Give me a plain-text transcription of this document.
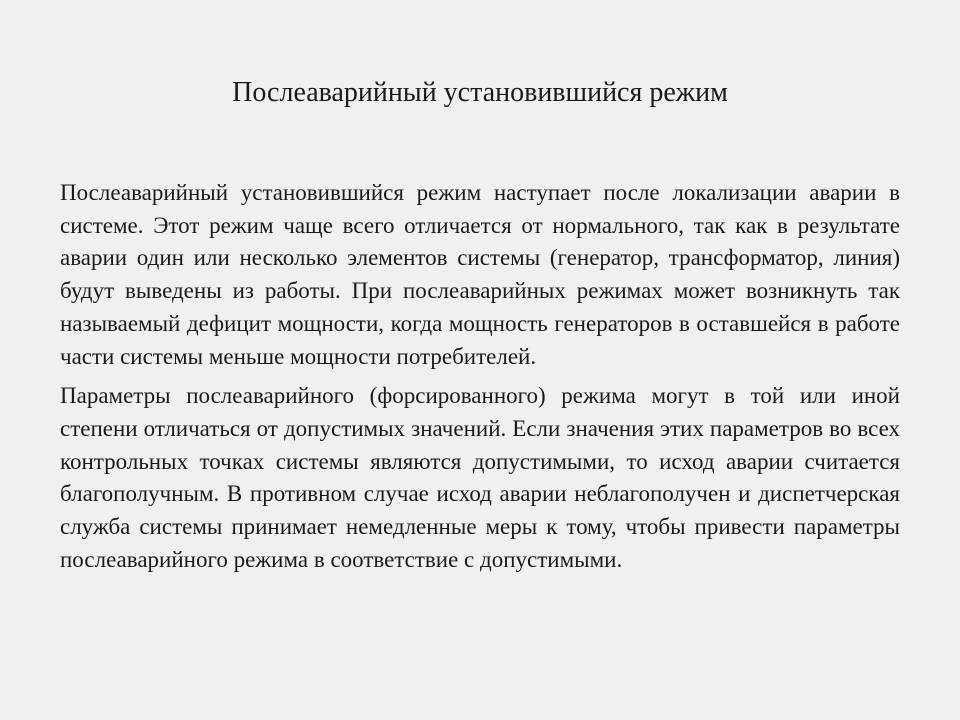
Послеаварийный установившийся режим

Послеаварийный установившийся режим наступает после локализации аварии в системе. Этот режим чаще всего отличается от нормального, так как в результате аварии один или несколько элементов системы (генератор, трансформатор, линия) будут выведены из работы. При послеаварийных режимах может возникнуть так называемый дефицит мощности, когда мощность генераторов в оставшейся в работе части системы меньше мощности потребителей.

Параметры послеаварийного (форсированного) режима могут в той или иной степени отличаться от допустимых значений. Если значения этих параметров во всех контрольных точках системы являются допустимыми, то исход аварии считается благополучным. В противном случае исход аварии неблагополучен и диспетчерская служба системы принимает немедленные меры к тому, чтобы привести параметры послеаварийного режима в соответствие с допустимыми.
